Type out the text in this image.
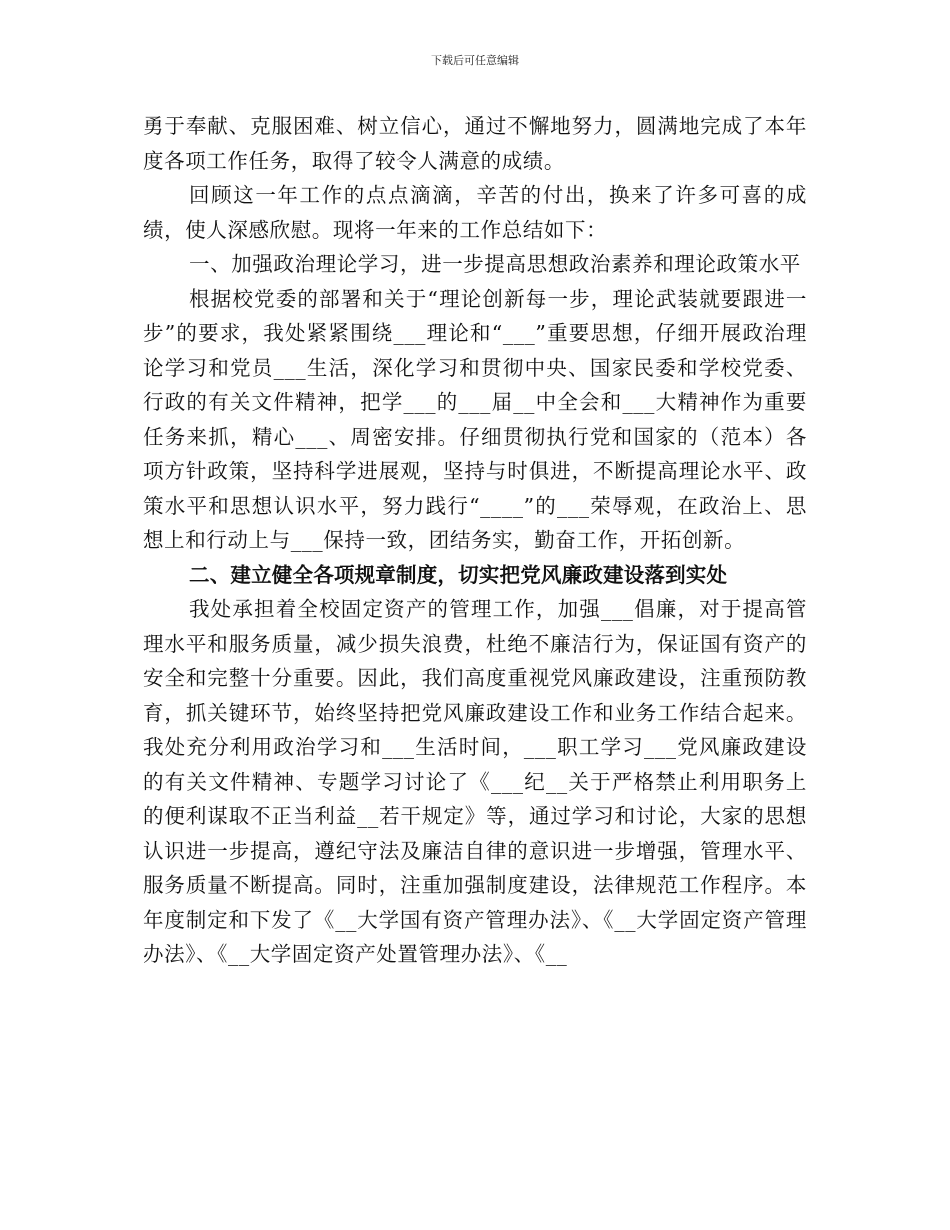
下载后可任意编辑

勇于奉献、克服困难、树立信心，通过不懈地努力，圆满地完成了本年度各项工作任务，取得了较令人满意的成绩。

回顾这一年工作的点点滴滴，辛苦的付出，换来了许多可喜的成绩，使人深感欣慰。现将一年来的工作总结如下：

一、加强政治理论学习，进一步提高思想政治素养和理论政策水平

根据校党委的部署和关于“理论创新每一步，理论武装就要跟进一步”的要求，我处紧紧围绕___理论和“___”重要思想，仔细开展政治理论学习和党员___生活，深化学习和贯彻中央、国家民委和学校党委、行政的有关文件精神，把学___的___届__中全会和___大精神作为重要任务来抓，精心___、周密安排。仔细贯彻执行党和国家的（范本）各项方针政策，坚持科学进展观，坚持与时俱进，不断提高理论水平、政策水平和思想认识水平，努力践行“____”的___荣辱观，在政治上、思想上和行动上与___保持一致，团结务实，勤奋工作，开拓创新。

二、建立健全各项规章制度，切实把党风廉政建设落到实处

我处承担着全校固定资产的管理工作，加强___倡廉，对于提高管理水平和服务质量，减少损失浪费，杜绝不廉洁行为，保证国有资产的安全和完整十分重要。因此，我们高度重视党风廉政建设，注重预防教育，抓关键环节，始终坚持把党风廉政建设工作和业务工作结合起来。我处充分利用政治学习和___生活时间，___职工学习___党风廉政建设的有关文件精神、专题学习讨论了《___纪__关于严格禁止利用职务上的便利谋取不正当利益__若干规定》等，通过学习和讨论，大家的思想认识进一步提高，遵纪守法及廉洁自律的意识进一步增强，管理水平、服务质量不断提高。同时，注重加强制度建设，法律规范工作程序。本年度制定和下发了《__大学国有资产管理办法》、《__大学固定资产管理办法》、《__大学固定资产处置管理办法》、《__
